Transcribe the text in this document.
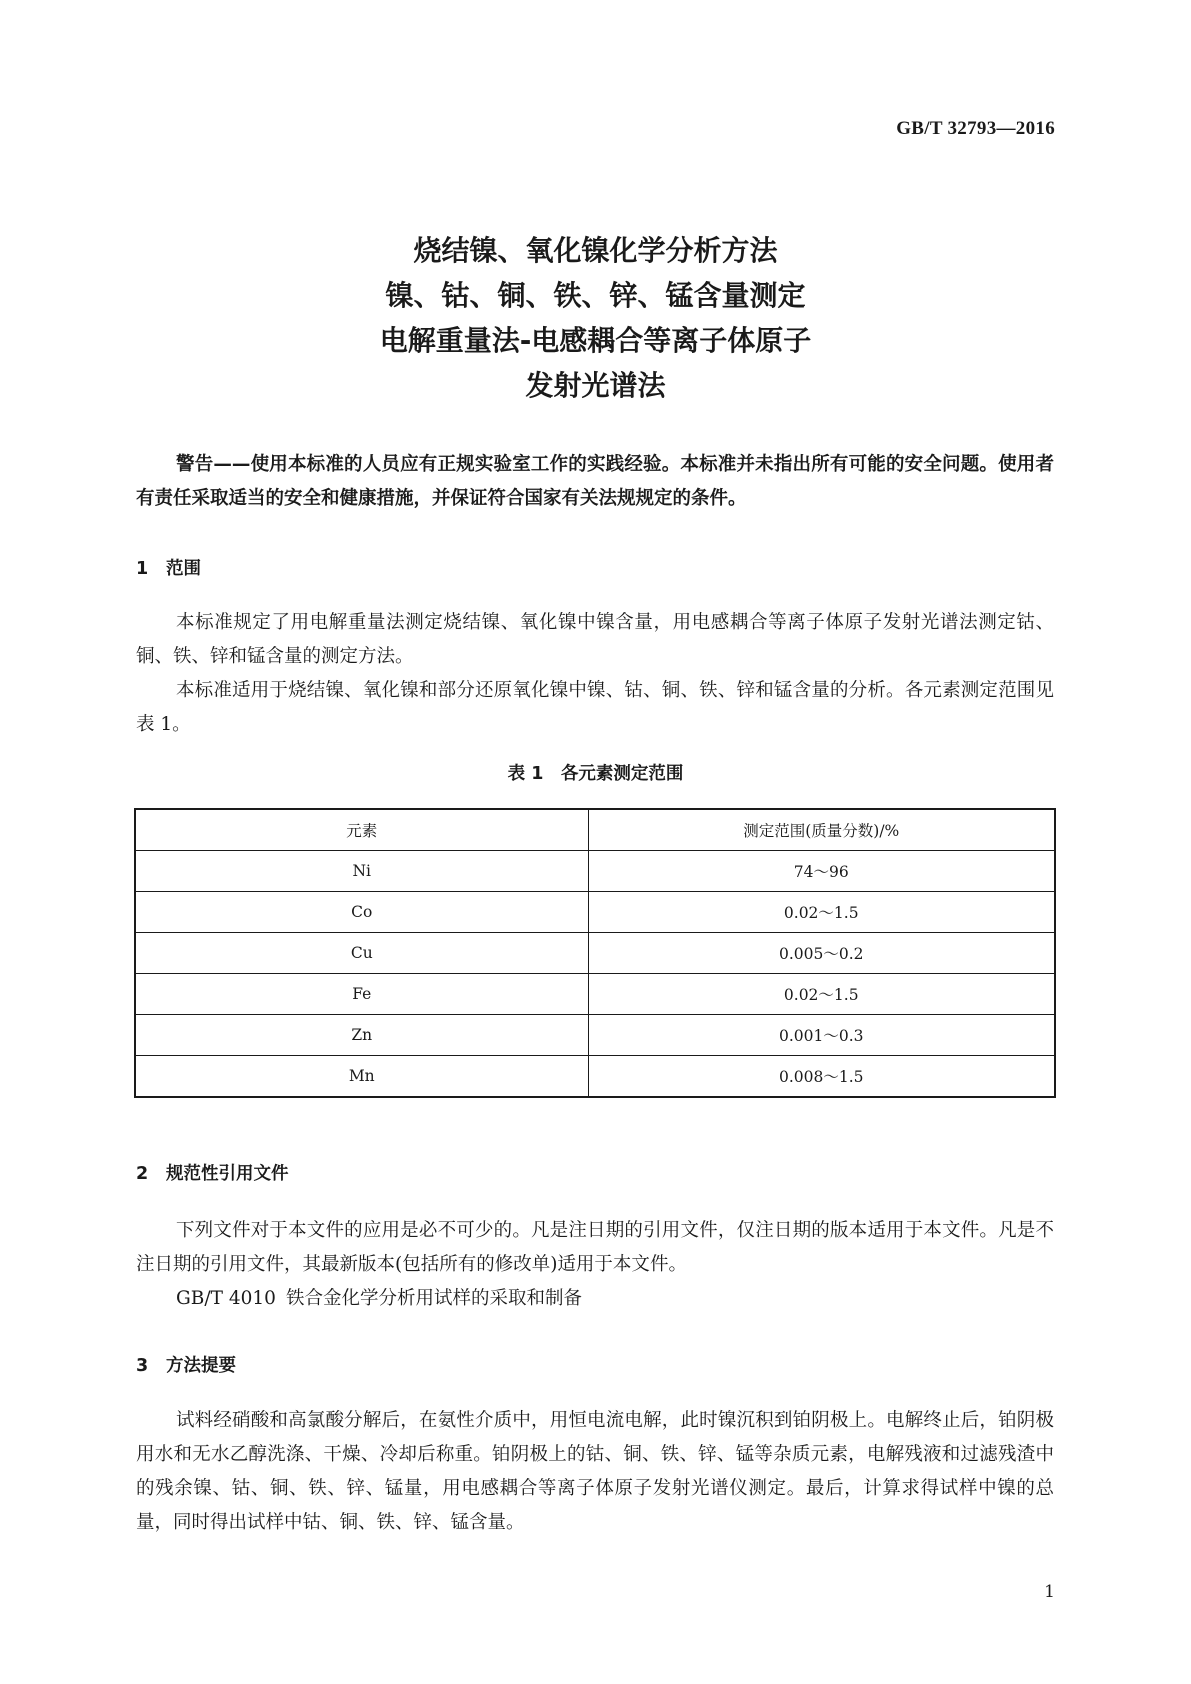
GB/T 32793—2016
烧结镍、氧化镍化学分析方法
镍、钴、铜、铁、锌、锰含量测定
电解重量法-电感耦合等离子体原子
发射光谱法
警告——使用本标准的人员应有正规实验室工作的实践经验。本标准并未指出所有可能的安全问题。使用者有责任采取适当的安全和健康措施，并保证符合国家有关法规规定的条件。
1 范围
本标准规定了用电解重量法测定烧结镍、氧化镍中镍含量，用电感耦合等离子体原子发射光谱法测定钴、铜、铁、锌和锰含量的测定方法。
本标准适用于烧结镍、氧化镍和部分还原氧化镍中镍、钴、铜、铁、锌和锰含量的分析。各元素测定范围见表 1。
表 1　各元素测定范围
元素	测定范围(质量分数)/%
Ni	74～96
Co	0.02～1.5
Cu	0.005～0.2
Fe	0.02～1.5
Zn	0.001～0.3
Mn	0.008～1.5
2 规范性引用文件
下列文件对于本文件的应用是必不可少的。凡是注日期的引用文件，仅注日期的版本适用于本文件。凡是不注日期的引用文件，其最新版本(包括所有的修改单)适用于本文件。
GB/T 4010 铁合金化学分析用试样的采取和制备
3 方法提要
试料经硝酸和高氯酸分解后，在氨性介质中，用恒电流电解，此时镍沉积到铂阴极上。电解终止后，铂阴极用水和无水乙醇洗涤、干燥、冷却后称重。铂阴极上的钴、铜、铁、锌、锰等杂质元素，电解残液和过滤残渣中的残余镍、钴、铜、铁、锌、锰量，用电感耦合等离子体原子发射光谱仪测定。最后，计算求得试样中镍的总量，同时得出试样中钴、铜、铁、锌、锰含量。
1
